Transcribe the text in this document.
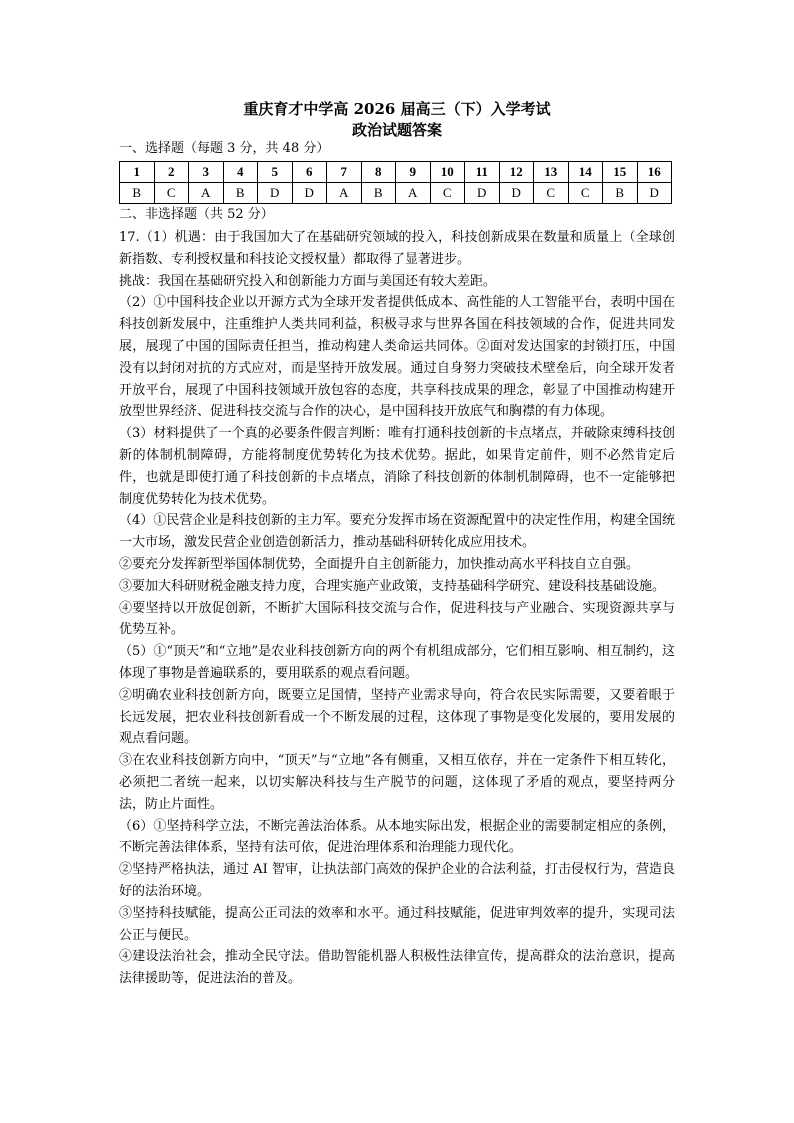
重庆育才中学高 2026 届高三（下）入学考试
政治试题答案
一、选择题（每题 3 分，共 48 分）
1	2	3	4	5	6	7	8	9	10	11	12	13	14	15	16
B	C	A	B	D	D	A	B	A	C	D	D	C	C	B	D
二、非选择题（共 52 分）

17.（1）机遇：由于我国加大了在基础研究领域的投入，科技创新成果在数量和质量上（全球创新指数、专利授权量和科技论文授权量）都取得了显著进步。

挑战：我国在基础研究投入和创新能力方面与美国还有较大差距。

（2）①中国科技企业以开源方式为全球开发者提供低成本、高性能的人工智能平台，表明中国在科技创新发展中，注重维护人类共同利益，积极寻求与世界各国在科技领域的合作，促进共同发展，展现了中国的国际责任担当，推动构建人类命运共同体。②面对发达国家的封锁打压，中国没有以封闭对抗的方式应对，而是坚持开放发展。通过自身努力突破技术壁垒后，向全球开发者开放平台，展现了中国科技领域开放包容的态度，共享科技成果的理念，彰显了中国推动构建开放型世界经济、促进科技交流与合作的决心，是中国科技开放底气和胸襟的有力体现。

（3）材料提供了一个真的必要条件假言判断：唯有打通科技创新的卡点堵点，并破除束缚科技创新的体制机制障碍，方能将制度优势转化为技术优势。据此，如果肯定前件，则不必然肯定后件，也就是即使打通了科技创新的卡点堵点，消除了科技创新的体制机制障碍，也不一定能够把制度优势转化为技术优势。

（4）①民营企业是科技创新的主力军。要充分发挥市场在资源配置中的决定性作用，构建全国统一大市场，激发民营企业创造创新活力，推动基础科研转化成应用技术。

②要充分发挥新型举国体制优势，全面提升自主创新能力，加快推动高水平科技自立自强。

③要加大科研财税金融支持力度，合理实施产业政策，支持基础科学研究、建设科技基础设施。

④要坚持以开放促创新，不断扩大国际科技交流与合作，促进科技与产业融合、实现资源共享与优势互补。

（5）①“顶天”和“立地”是农业科技创新方向的两个有机组成部分，它们相互影响、相互制约，这体现了事物是普遍联系的，要用联系的观点看问题。

②明确农业科技创新方向，既要立足国情，坚持产业需求导向，符合农民实际需要，又要着眼于长远发展，把农业科技创新看成一个不断发展的过程，这体现了事物是变化发展的，要用发展的观点看问题。

③在农业科技创新方向中，“顶天”与“立地”各有侧重，又相互依存，并在一定条件下相互转化，必须把二者统一起来，以切实解决科技与生产脱节的问题，这体现了矛盾的观点，要坚持两分法，防止片面性。

（6）①坚持科学立法，不断完善法治体系。从本地实际出发，根据企业的需要制定相应的条例，不断完善法律体系，坚持有法可依，促进治理体系和治理能力现代化。

②坚持严格执法，通过 AI 智审，让执法部门高效的保护企业的合法利益，打击侵权行为，营造良好的法治环境。

③坚持科技赋能，提高公正司法的效率和水平。通过科技赋能，促进审判效率的提升，实现司法公正与便民。

④建设法治社会，推动全民守法。借助智能机器人积极性法律宣传，提高群众的法治意识，提高法律援助等，促进法治的普及。
